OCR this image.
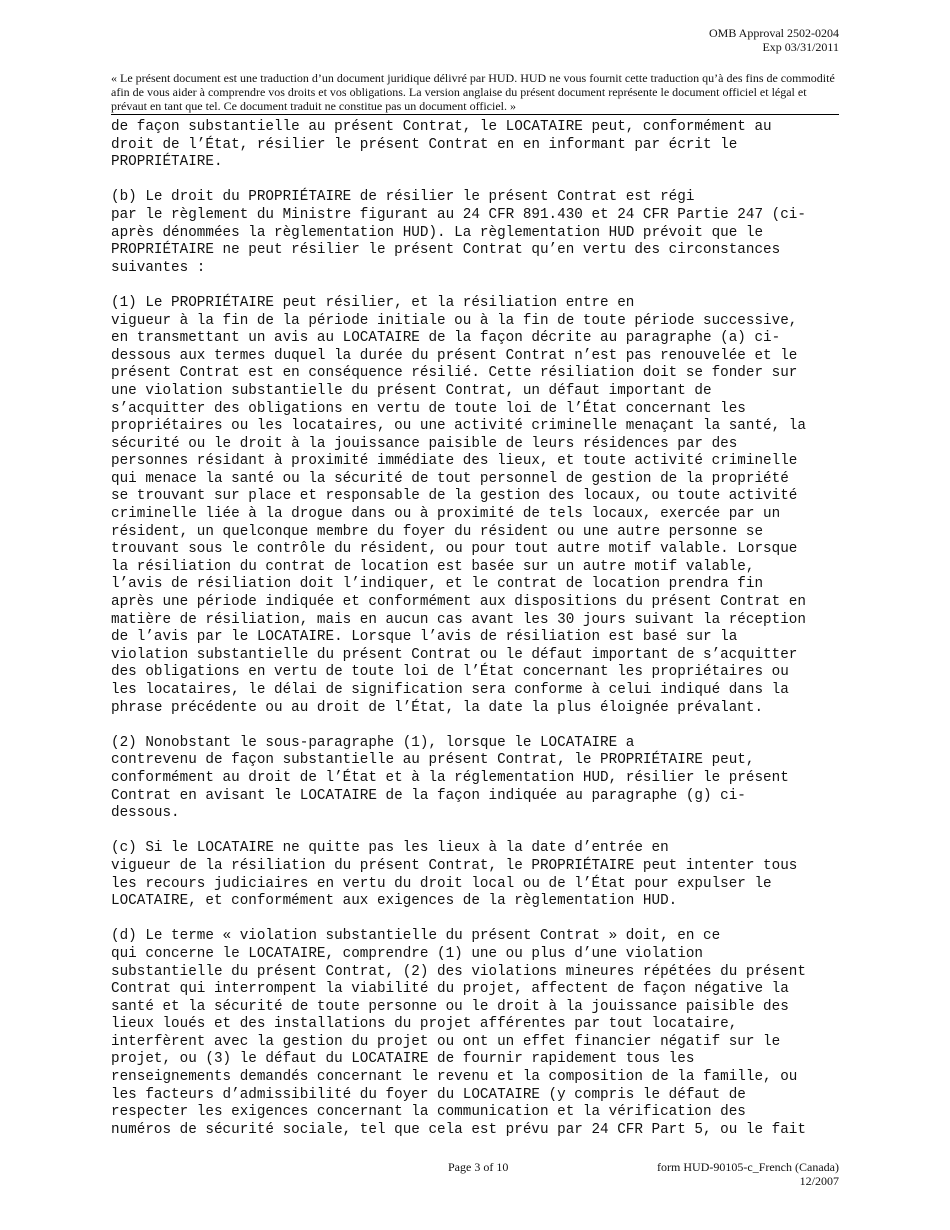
OMB Approval 2502-0204
Exp 03/31/2011
« Le présent document est une traduction d’un document juridique délivré par HUD. HUD ne vous fournit cette traduction qu’à des fins de commodité afin de vous aider à comprendre vos droits et vos obligations. La version anglaise du présent document représente le document officiel et légal et prévaut en tant que tel. Ce document traduit ne constitue pas un document officiel. »

de façon substantielle au présent Contrat, le LOCATAIRE peut, conformément au
droit de l’État, résilier le présent Contrat en en informant par écrit le
PROPRIÉTAIRE.

(b) Le droit du PROPRIÉTAIRE de résilier le présent Contrat est régi
par le règlement du Ministre figurant au 24 CFR 891.430 et 24 CFR Partie 247 (ci-
après dénommées la règlementation HUD). La règlementation HUD prévoit que le
PROPRIÉTAIRE ne peut résilier le présent Contrat qu’en vertu des circonstances
suivantes :

(1) Le PROPRIÉTAIRE peut résilier, et la résiliation entre en
vigueur à la fin de la période initiale ou à la fin de toute période successive,
en transmettant un avis au LOCATAIRE de la façon décrite au paragraphe (a) ci-
dessous aux termes duquel la durée du présent Contrat n’est pas renouvelée et le
présent Contrat est en conséquence résilié. Cette résiliation doit se fonder sur
une violation substantielle du présent Contrat, un défaut important de
s’acquitter des obligations en vertu de toute loi de l’État concernant les
propriétaires ou les locataires, ou une activité criminelle menaçant la santé, la
sécurité ou le droit à la jouissance paisible de leurs résidences par des
personnes résidant à proximité immédiate des lieux, et toute activité criminelle
qui menace la santé ou la sécurité de tout personnel de gestion de la propriété
se trouvant sur place et responsable de la gestion des locaux, ou toute activité
criminelle liée à la drogue dans ou à proximité de tels locaux, exercée par un
résident, un quelconque membre du foyer du résident ou une autre personne se
trouvant sous le contrôle du résident, ou pour tout autre motif valable. Lorsque
la résiliation du contrat de location est basée sur un autre motif valable,
l’avis de résiliation doit l’indiquer, et le contrat de location prendra fin
après une période indiquée et conformément aux dispositions du présent Contrat en
matière de résiliation, mais en aucun cas avant les 30 jours suivant la réception
de l’avis par le LOCATAIRE. Lorsque l’avis de résiliation est basé sur la
violation substantielle du présent Contrat ou le défaut important de s’acquitter
des obligations en vertu de toute loi de l’État concernant les propriétaires ou
les locataires, le délai de signification sera conforme à celui indiqué dans la
phrase précédente ou au droit de l’État, la date la plus éloignée prévalant.

(2) Nonobstant le sous-paragraphe (1), lorsque le LOCATAIRE a
contrevenu de façon substantielle au présent Contrat, le PROPRIÉTAIRE peut,
conformément au droit de l’État et à la réglementation HUD, résilier le présent
Contrat en avisant le LOCATAIRE de la façon indiquée au paragraphe (g) ci-
dessous.

(c) Si le LOCATAIRE ne quitte pas les lieux à la date d’entrée en
vigueur de la résiliation du présent Contrat, le PROPRIÉTAIRE peut intenter tous
les recours judiciaires en vertu du droit local ou de l’État pour expulser le
LOCATAIRE, et conformément aux exigences de la règlementation HUD.

(d) Le terme « violation substantielle du présent Contrat » doit, en ce
qui concerne le LOCATAIRE, comprendre (1) une ou plus d’une violation
substantielle du présent Contrat, (2) des violations mineures répétées du présent
Contrat qui interrompent la viabilité du projet, affectent de façon négative la
santé et la sécurité de toute personne ou le droit à la jouissance paisible des
lieux loués et des installations du projet afférentes par tout locataire,
interfèrent avec la gestion du projet ou ont un effet financier négatif sur le
projet, ou (3) le défaut du LOCATAIRE de fournir rapidement tous les
renseignements demandés concernant le revenu et la composition de la famille, ou
les facteurs d’admissibilité du foyer du LOCATAIRE (y compris le défaut de
respecter les exigences concernant la communication et la vérification des
numéros de sécurité sociale, tel que cela est prévu par 24 CFR Part 5, ou le fait

Page 3 of 10	form HUD-90105-c_French (Canada)
12/2007
